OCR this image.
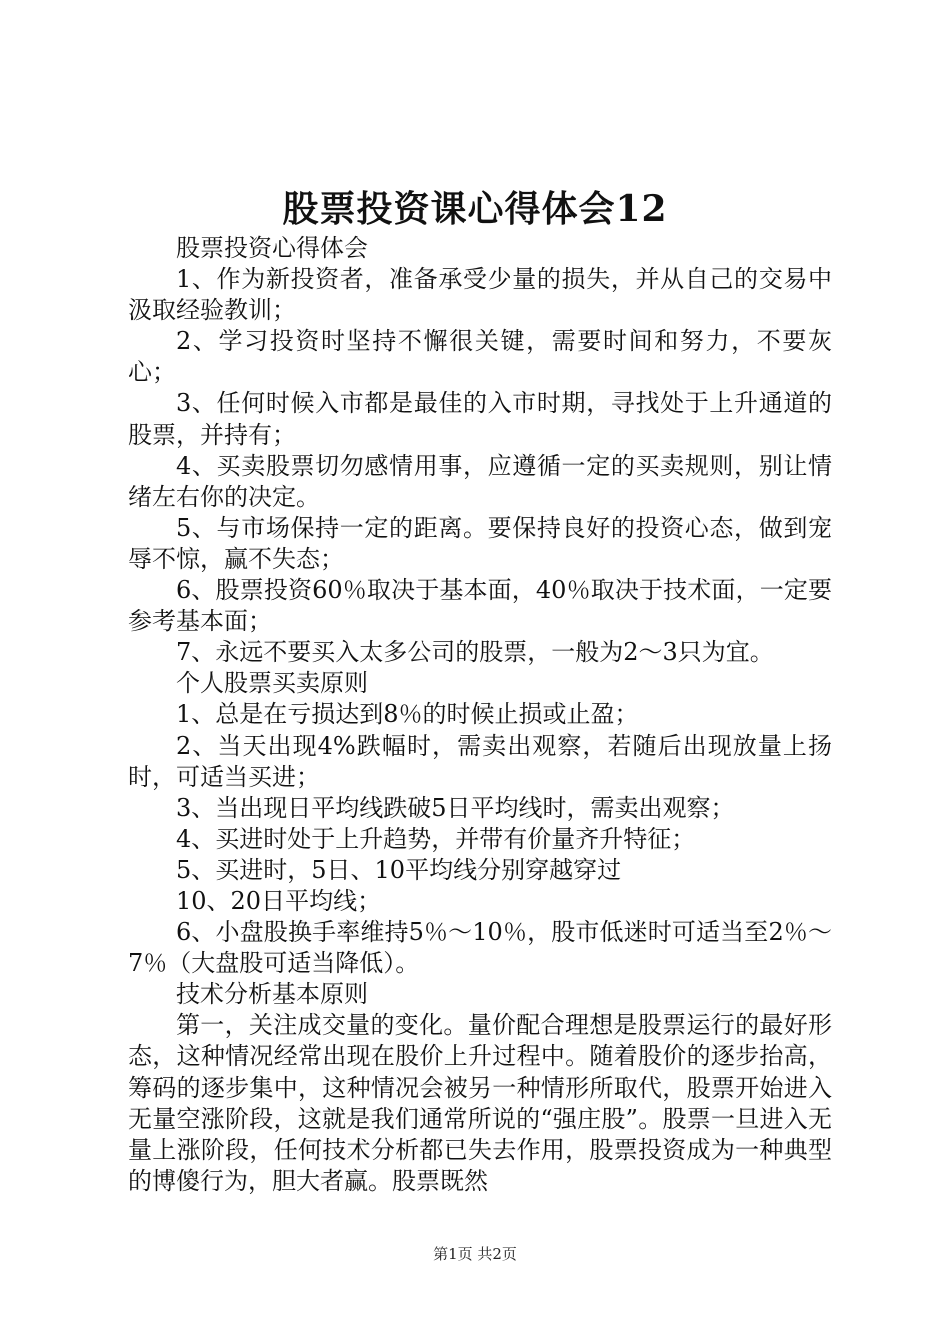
股票投资课心得体会12

股票投资心得体会

1、作为新投资者，准备承受少量的损失，并从自己的交易中汲取经验教训；

2、学习投资时坚持不懈很关键，需要时间和努力，不要灰心；

3、任何时候入市都是最佳的入市时期，寻找处于上升通道的股票，并持有；

4、买卖股票切勿感情用事，应遵循一定的买卖规则，别让情绪左右你的决定。

5、与市场保持一定的距离。要保持良好的投资心态，做到宠辱不惊，赢不失态；

6、股票投资60％取决于基本面，40％取决于技术面，一定要参考基本面；

7、永远不要买入太多公司的股票，一般为2～3只为宜。

个人股票买卖原则

1、总是在亏损达到8％的时候止损或止盈；

2、当天出现4%跌幅时，需卖出观察，若随后出现放量上扬时，可适当买进；

3、当出现日平均线跌破5日平均线时，需卖出观察；

4、买进时处于上升趋势，并带有价量齐升特征；

5、买进时，5日、10平均线分别穿越穿过

10、20日平均线；

6、小盘股换手率维持5％～10％，股市低迷时可适当至2％～7％（大盘股可适当降低）。

技术分析基本原则

第一，关注成交量的变化。量价配合理想是股票运行的最好形态，这种情况经常出现在股价上升过程中。随着股价的逐步抬高，筹码的逐步集中，这种情况会被另一种情形所取代，股票开始进入无量空涨阶段，这就是我们通常所说的“强庄股”。股票一旦进入无量上涨阶段，任何技术分析都已失去作用，股票投资成为一种典型的博傻行为，胆大者赢。股票既然

第1页 共2页
